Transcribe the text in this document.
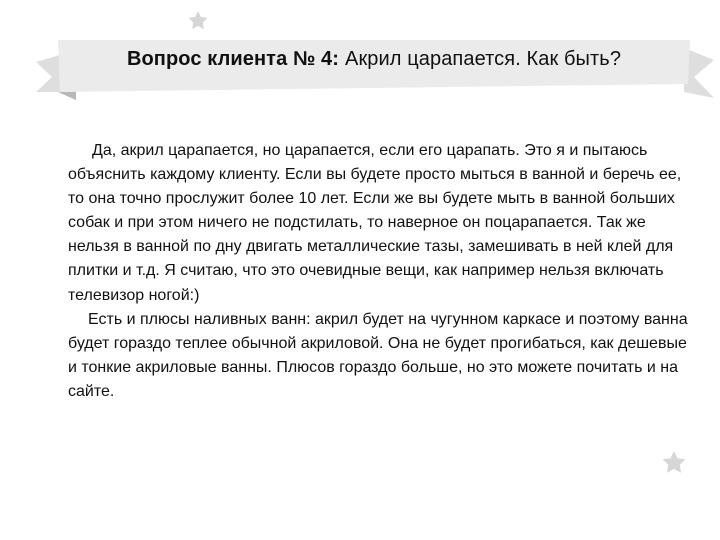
Вопрос клиента № 4: Акрил царапается. Как быть?

Да, акрил царапается, но царапается, если его царапать. Это я и пытаюсь объяснить каждому клиенту. Если вы будете просто мыться в ванной и беречь ее, то она точно прослужит более 10 лет. Если же вы будете мыть в ванной больших собак и при этом ничего не подстилать, то наверное он поцарапается. Так же нельзя в ванной по дну двигать металлические тазы, замешивать в ней клей для плитки и т.д. Я считаю, что это очевидные вещи, как например нельзя включать телевизор ногой:)

Есть и плюсы наливных ванн: акрил будет на чугунном каркасе и поэтому ванна будет гораздо теплее обычной акриловой. Она не будет прогибаться, как дешевые и тонкие акриловые ванны. Плюсов гораздо больше, но это можете почитать и на сайте.
